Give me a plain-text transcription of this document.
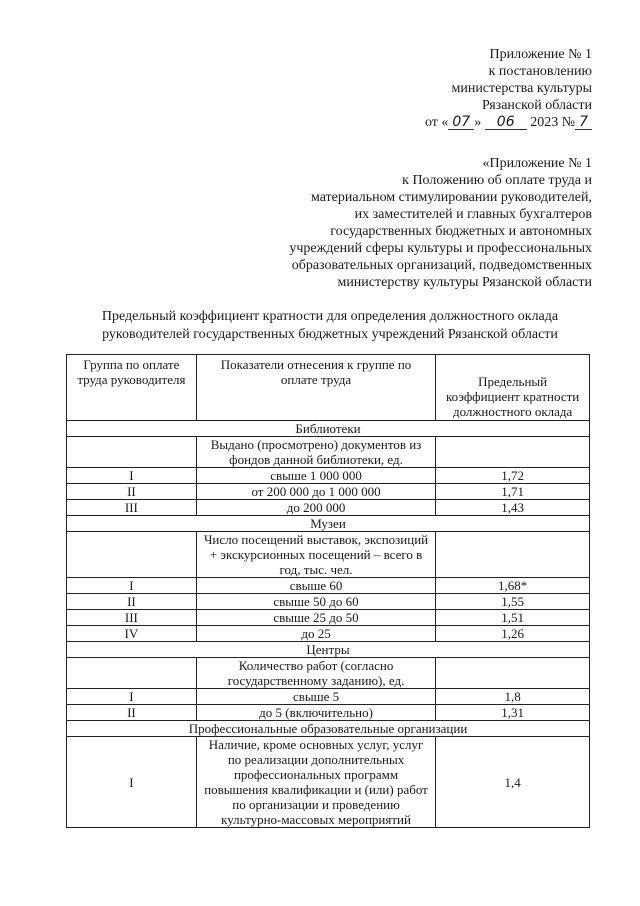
Приложение № 1
к постановлению
министерства культуры
Рязанской области
от « 07 » 06 2023 № 7
«Приложение № 1
к Положению об оплате труда и
материальном стимулировании руководителей,
их заместителей и главных бухгалтеров
государственных бюджетных и автономных
учреждений сферы культуры и профессиональных
образовательных организаций, подведомственных
министерству культуры Рязанской области
Предельный коэффициент кратности для определения должностного оклада
руководителей государственных бюджетных учреждений Рязанской области
Группа по оплате труда руководителя	Показатели отнесения к группе по оплате труда	Предельный коэффициент кратности должностного оклада
Библиотеки		
	Выдано (просмотрено) документов из фондов данной библиотеки, ед.	
I	свыше 1 000 000	1,72
II	от 200 000 до 1 000 000	1,71
III	до 200 000	1,43
Музеи		
	Число посещений выставок, экспозиций + экскурсионных посещений – всего в год, тыс. чел.	
I	свыше 60	1,68*
II	свыше 50 до 60	1,55
III	свыше 25 до 50	1,51
IV	до 25	1,26
Центры		
	Количество работ (согласно государственному заданию), ед.	
I	свыше 5	1,8
II	до 5 (включительно)	1,31
Профессиональные образовательные организации		
I	Наличие, кроме основных услуг, услуг по реализации дополнительных профессиональных программ повышения квалификации и (или) работ по организации и проведению культурно-массовых мероприятий	1,4
